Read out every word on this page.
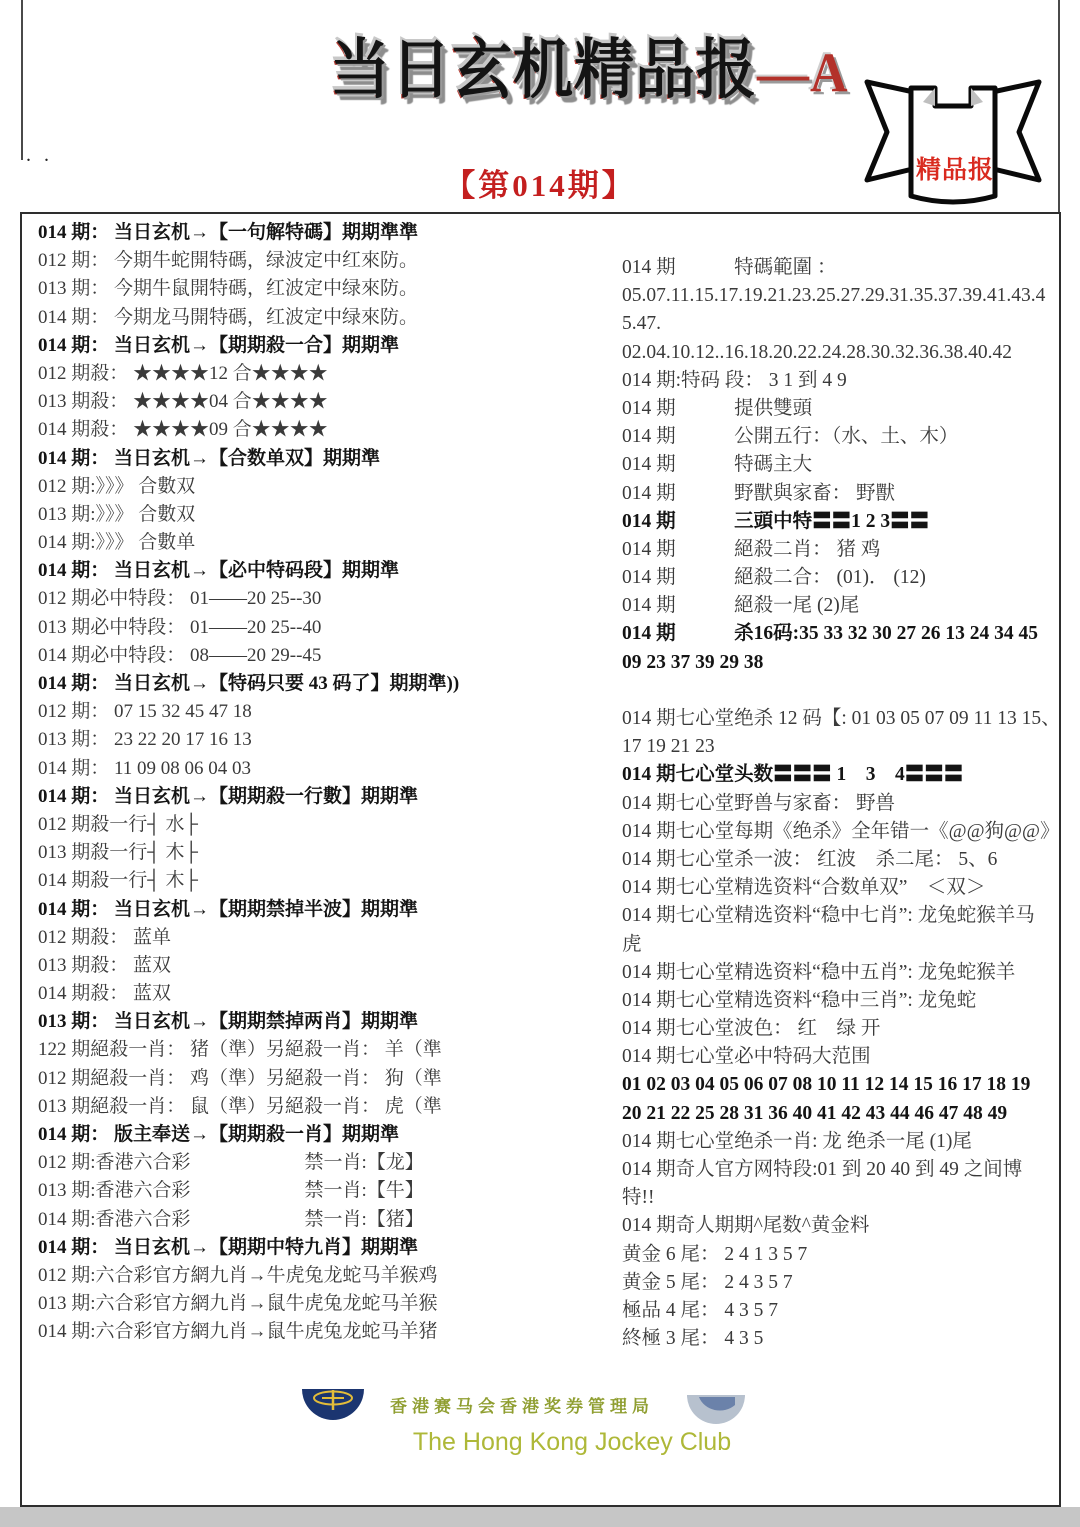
. .
当日玄机精品报—A
精品报
【第014期】
014 期： 当日玄机→【一句解特碼】期期準準
012 期： 今期牛蛇開特碼，绿波定中红來防。
013 期： 今期牛鼠開特碼，红波定中绿來防。
014 期： 今期龙马開特碼，红波定中绿來防。
014 期： 当日玄机→【期期殺一合】期期準
012 期殺： ★★★★12 合★★★★
013 期殺： ★★★★04 合★★★★
014 期殺： ★★★★09 合★★★★
014 期： 当日玄机→【合数单双】期期準
012 期:》》》 合數双
013 期:》》》 合數双
014 期:》》》 合數单
014 期： 当日玄机→【必中特码段】期期準
012 期必中特段： 01——20 25--30
013 期必中特段： 01——20 25--40
014 期必中特段： 08——20 29--45
014 期： 当日玄机→【特码只要 43 码了】期期準))
012 期： 07 15 32 45 47 18
013 期： 23 22 20 17 16 13
014 期： 11 09 08 06 04 03
014 期： 当日玄机→【期期殺一行數】期期準
012 期殺一行┤ 水├
013 期殺一行┤ 木├
014 期殺一行┤ 木├
014 期： 当日玄机→【期期禁掉半波】期期準
012 期殺： 蓝单
013 期殺： 蓝双
014 期殺： 蓝双
013 期： 当日玄机→【期期禁掉两肖】期期準
122 期絕殺一肖： 猪（準）另絕殺一肖： 羊（準
012 期絕殺一肖： 鸡（準）另絕殺一肖： 狗（準
013 期絕殺一肖： 鼠（準）另絕殺一肖： 虎（準
014 期： 版主奉送→【期期殺一肖】期期準
012 期:香港六合彩　　　　　　禁一肖:【龙】
013 期:香港六合彩　　　　　　禁一肖:【牛】
014 期:香港六合彩　　　　　　禁一肖:【猪】
014 期： 当日玄机→【期期中特九肖】期期準
012 期:六合彩官方網九肖→牛虎兔龙蛇马羊猴鸡
013 期:六合彩官方網九肖→鼠牛虎兔龙蛇马羊猴
014 期:六合彩官方網九肖→鼠牛虎兔龙蛇马羊猪
014 期　　　特碼範圍 ：
05.07.11.15.17.19.21.23.25.27.29.31.35.37.39.41.43.4
5.47.
02.04.10.12..16.18.20.22.24.28.30.32.36.38.40.42
014 期:特码 段： 3 1 到 4 9
014 期　　　提供雙頭
014 期　　　公開五行：（水、土、木）
014 期　　　特碼主大
014 期　　　野獸與家畜： 野獸
014 期　　　三頭中特〓〓1 2 3〓〓
014 期　　　絕殺二肖： 猪 鸡
014 期　　　絕殺二合： (01)． (12)
014 期　　　絕殺一尾 (2)尾
014 期　　　杀16码:35 33 32 30 27 26 13 24 34 45
09 23 37 39 29 38

014 期七心堂绝杀 12 码【: 01 03 05 07 09 11 13 15、
17 19 21 23
014 期七心堂头数〓〓〓 1　3　4〓〓〓
014 期七心堂野兽与家畜： 野兽
014 期七心堂每期《绝杀》全年错一《@@狗@@》
014 期七心堂杀一波： 红波　杀二尾： 5、6
014 期七心堂精选资料“合数单双”　＜双＞
014 期七心堂精选资料“稳中七肖”: 龙兔蛇猴羊马
虎
014 期七心堂精选资料“稳中五肖”: 龙兔蛇猴羊
014 期七心堂精选资料“稳中三肖”: 龙兔蛇
014 期七心堂波色： 红　绿 开
014 期七心堂必中特码大范围
01 02 03 04 05 06 07 08 10 11 12 14 15 16 17 18 19
20 21 22 25 28 31 36 40 41 42 43 44 46 47 48 49
014 期七心堂绝杀一肖: 龙 绝杀一尾 (1)尾
014 期奇人官方网特段:01 到 20 40 到 49 之间博
特!!
014 期奇人期期^尾数^黄金料
黄金 6 尾： 2 4 1 3 5 7
黄金 5 尾： 2 4 3 5 7
極品 4 尾： 4 3 5 7
終極 3 尾： 4 3 5
香港赛马会香港奖券管理局
The Hong Kong Jockey Club
